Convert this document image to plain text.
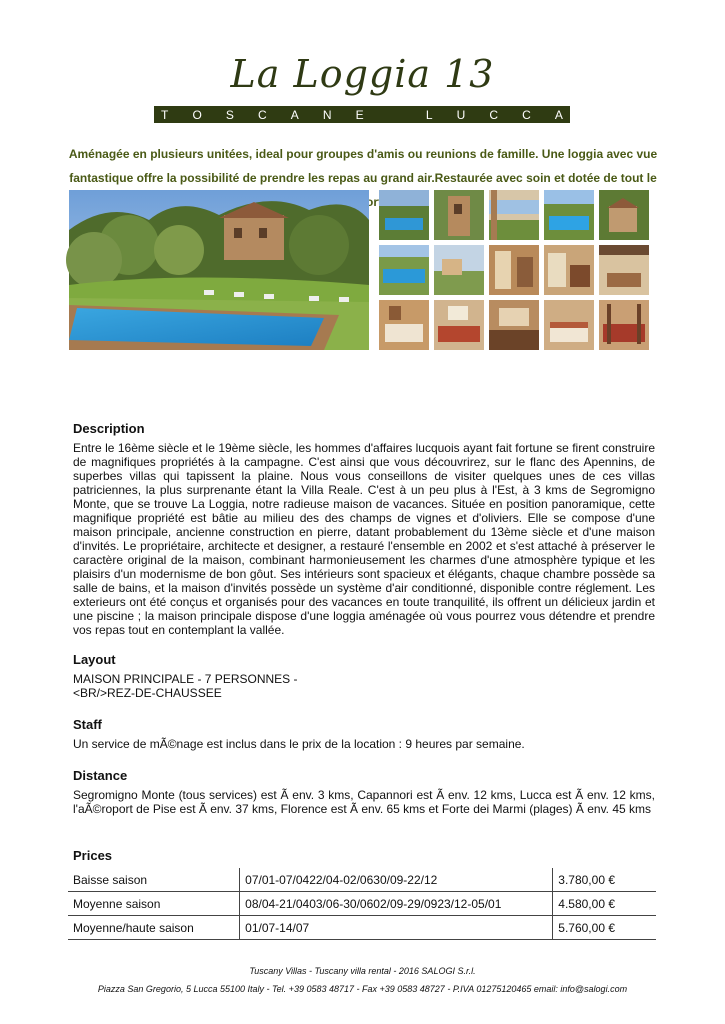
La Loggia 13
T O S C A N E	L U C C A
Aménagée en plusieurs unitées, ideal pour groupes d'amis ou reunions de famille. Une loggia avec vue fantastique offre la possibilité de prendre les repas au grand air.Restaurée avec soin et dotée de tout le
Description

Entre le 16ème siècle et le 19ème siècle, les hommes d'affaires lucquois ayant fait fortune se firent construire de magnifiques propriétés à la campagne. C'est ainsi que vous découvrirez, sur le flanc des Apennins, de superbes villas qui tapissent la plaine. Nous vous conseillons de visiter quelques unes de ces villas patriciennes, la plus surprenante étant la Villa Reale. C'est à un peu plus à l'Est, à 3 kms de Segromigno Monte, que se trouve La Loggia, notre radieuse maison de vacances. Située en position panoramique, cette magnifique propriété est bâtie au milieu des des champs de vignes et d'oliviers. Elle se compose d'une maison principale, ancienne construction en pierre, datant probablement du 13ème siècle et d'une maison d'invités. Le propriétaire, architecte et designer, a restauré l'ensemble en 2002 et s'est attaché à préserver le caractère original de la maison, combinant harmonieusement les charmes d'une atmosphère typique et les plaisirs d'un modernisme de bon gôut. Ses intérieurs sont spacieux et élégants, chaque chambre possède sa salle de bains, et la maison d'invités possède un système d'air conditionné, disponible contre réglement. Les exterieurs ont été conçus et organisés pour des vacances en toute tranquilité, ils offrent un délicieux jardin et une piscine ; la maison principale dispose d'une loggia aménagée où vous pourrez vous détendre et prendre vos repas tout en contemplant la vallée.

Layout

MAISON PRINCIPALE - 7 PERSONNES -

<BR/>REZ-DE-CHAUSSEE

Staff

Un service de mÃ©nage est inclus dans le prix de la location : 9 heures par semaine.

Distance

Segromigno Monte (tous services) est Ã env. 3 kms, Capannori est Ã env. 12 kms, Lucca est Ã env. 12 kms, l'aÃ©roport de Pise est Ã env. 37 kms, Florence est Ã env. 65 kms et Forte dei Marmi (plages) Ã env. 45 kms

Prices
Baisse saison	07/01-07/0422/04-02/0630/09-22/12	3.780,00 €
Moyenne saison	08/04-21/0403/06-30/0602/09-29/0923/12-05/01	4.580,00 €
Moyenne/haute saison	01/07-14/07	5.760,00 €
Tuscany Villas - Tuscany villa rental - 2016 SALOGI S.r.l.
Piazza San Gregorio, 5 Lucca 55100 Italy - Tel. +39 0583 48717 - Fax +39 0583 48727 - P.IVA 01275120465 email: info@salogi.com
